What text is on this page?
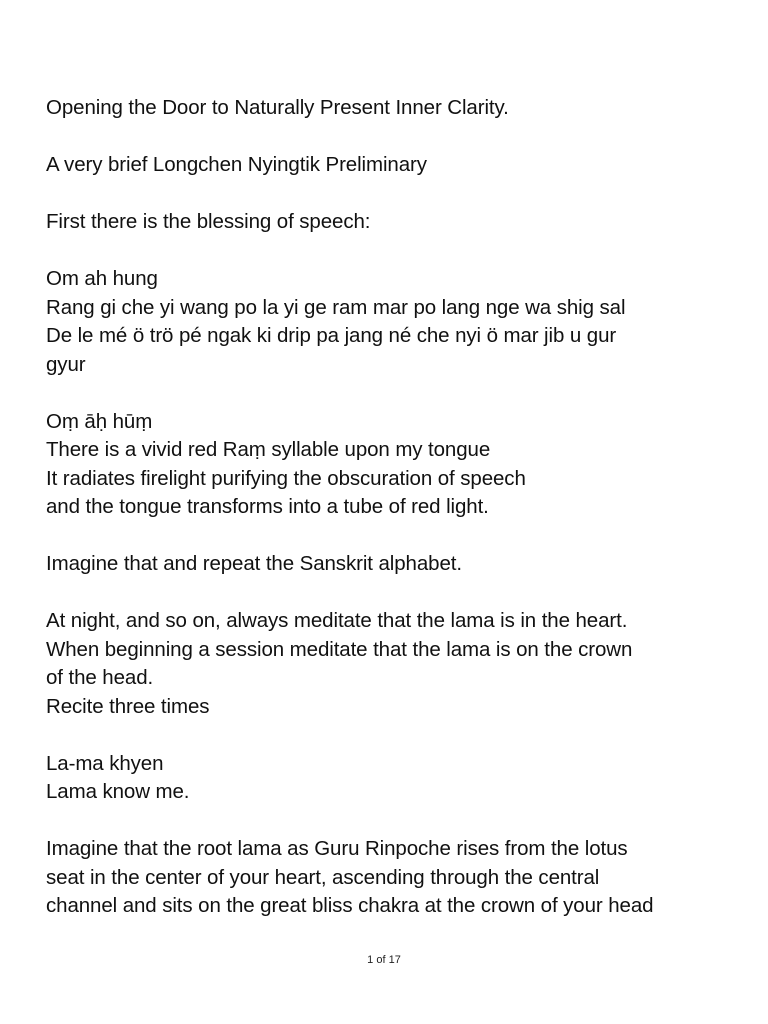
Opening the Door to Naturally Present Inner Clarity.
A very brief Longchen Nyingtik Preliminary
First there is the blessing of speech:
Om ah hung
Rang gi che yi wang po la yi ge ram mar po lang nge wa shig sal
De le mé ö trö pé ngak ki drip pa jang né che nyi ö mar jib u gur
gyur
Oṃ āḥ hūṃ
There is a vivid red Raṃ syllable upon my tongue
It radiates firelight purifying the obscuration of speech
and the tongue transforms into a tube of red light.
Imagine that and repeat the Sanskrit alphabet.
At night, and so on, always meditate that the lama is in the heart.
When beginning a session meditate that the lama is on the crown
of the head.
Recite three times
La-ma khyen
Lama know me.
Imagine that the root lama as Guru Rinpoche rises from the lotus
seat in the center of your heart, ascending through the central
channel and sits on the great bliss chakra at the crown of your head
1 of 17
